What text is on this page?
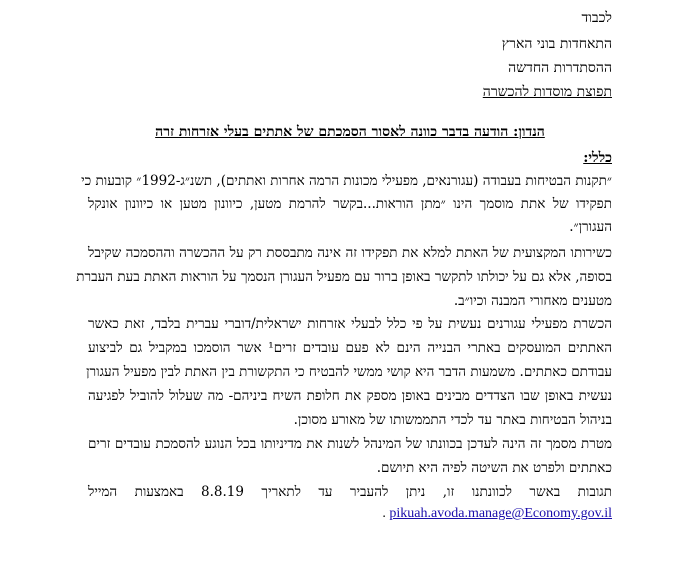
לכבוד
התאחדות בוני הארץ
ההסתדרות החדשה
תפוצת מוסדות להכשרה
הנדון: הודעה בדבר כוונה לאסור הסמכתם של אתתים בעלי אזרחות זרה
כללי:
״תקנות הבטיחות בעבודה (עגורנאים, מפעילי מכונות הרמה אחרות ואתתים), תשנ״ג-1992״ קובעות כי
תפקידו של אתת מוסמך הינו ״מתן הוראות...בקשר להרמת מטען, כיוונון מטען או כיוונון אונקל
העגורן״.
כשירותו המקצועית של האתת למלא את תפקידו זה אינה מתבססת רק על ההכשרה וההסמכה שקיבל
בסופה, אלא גם על יכולתו לתקשר באופן ברור עם מפעיל העגורן הנסמך על הוראות האתת בעת העברת
מטענים מאחורי המבנה וכיו״ב.
הכשרת מפעילי עגורנים נעשית על פי כלל לבעלי אזרחות ישראלית/דוברי עברית בלבד, זאת כאשר
האתתים המועסקים באתרי הבנייה הינם לא פעם עובדים זרים¹ אשר הוסמכו במקביל גם לביצוע
עבודתם כאתתים. משמעות הדבר היא קושי ממשי להבטיח כי התקשורת בין האתת לבין מפעיל העגורן
נעשית באופן שבו הצדדים מבינים באופן מספק את חלופת השיח ביניהם- מה שעלול להוביל לפגיעה
בניהול הבטיחות באתר עד לכדי התממשותו של מאורע מסוכן.
מטרת מסמך זה הינה לעדכן בכוונתו של המינהל לשנות את מדיניותו בכל הנוגע להסמכת עובדים זרים
כאתתים ולפרט את השיטה לפיה היא תיושם.
תגובות באשר לכוונתנו זו, ניתן להעביר עד לתאריך 8.8.19 באמצעות המייל
. pikuah.avoda.manage@Economy.gov.il
